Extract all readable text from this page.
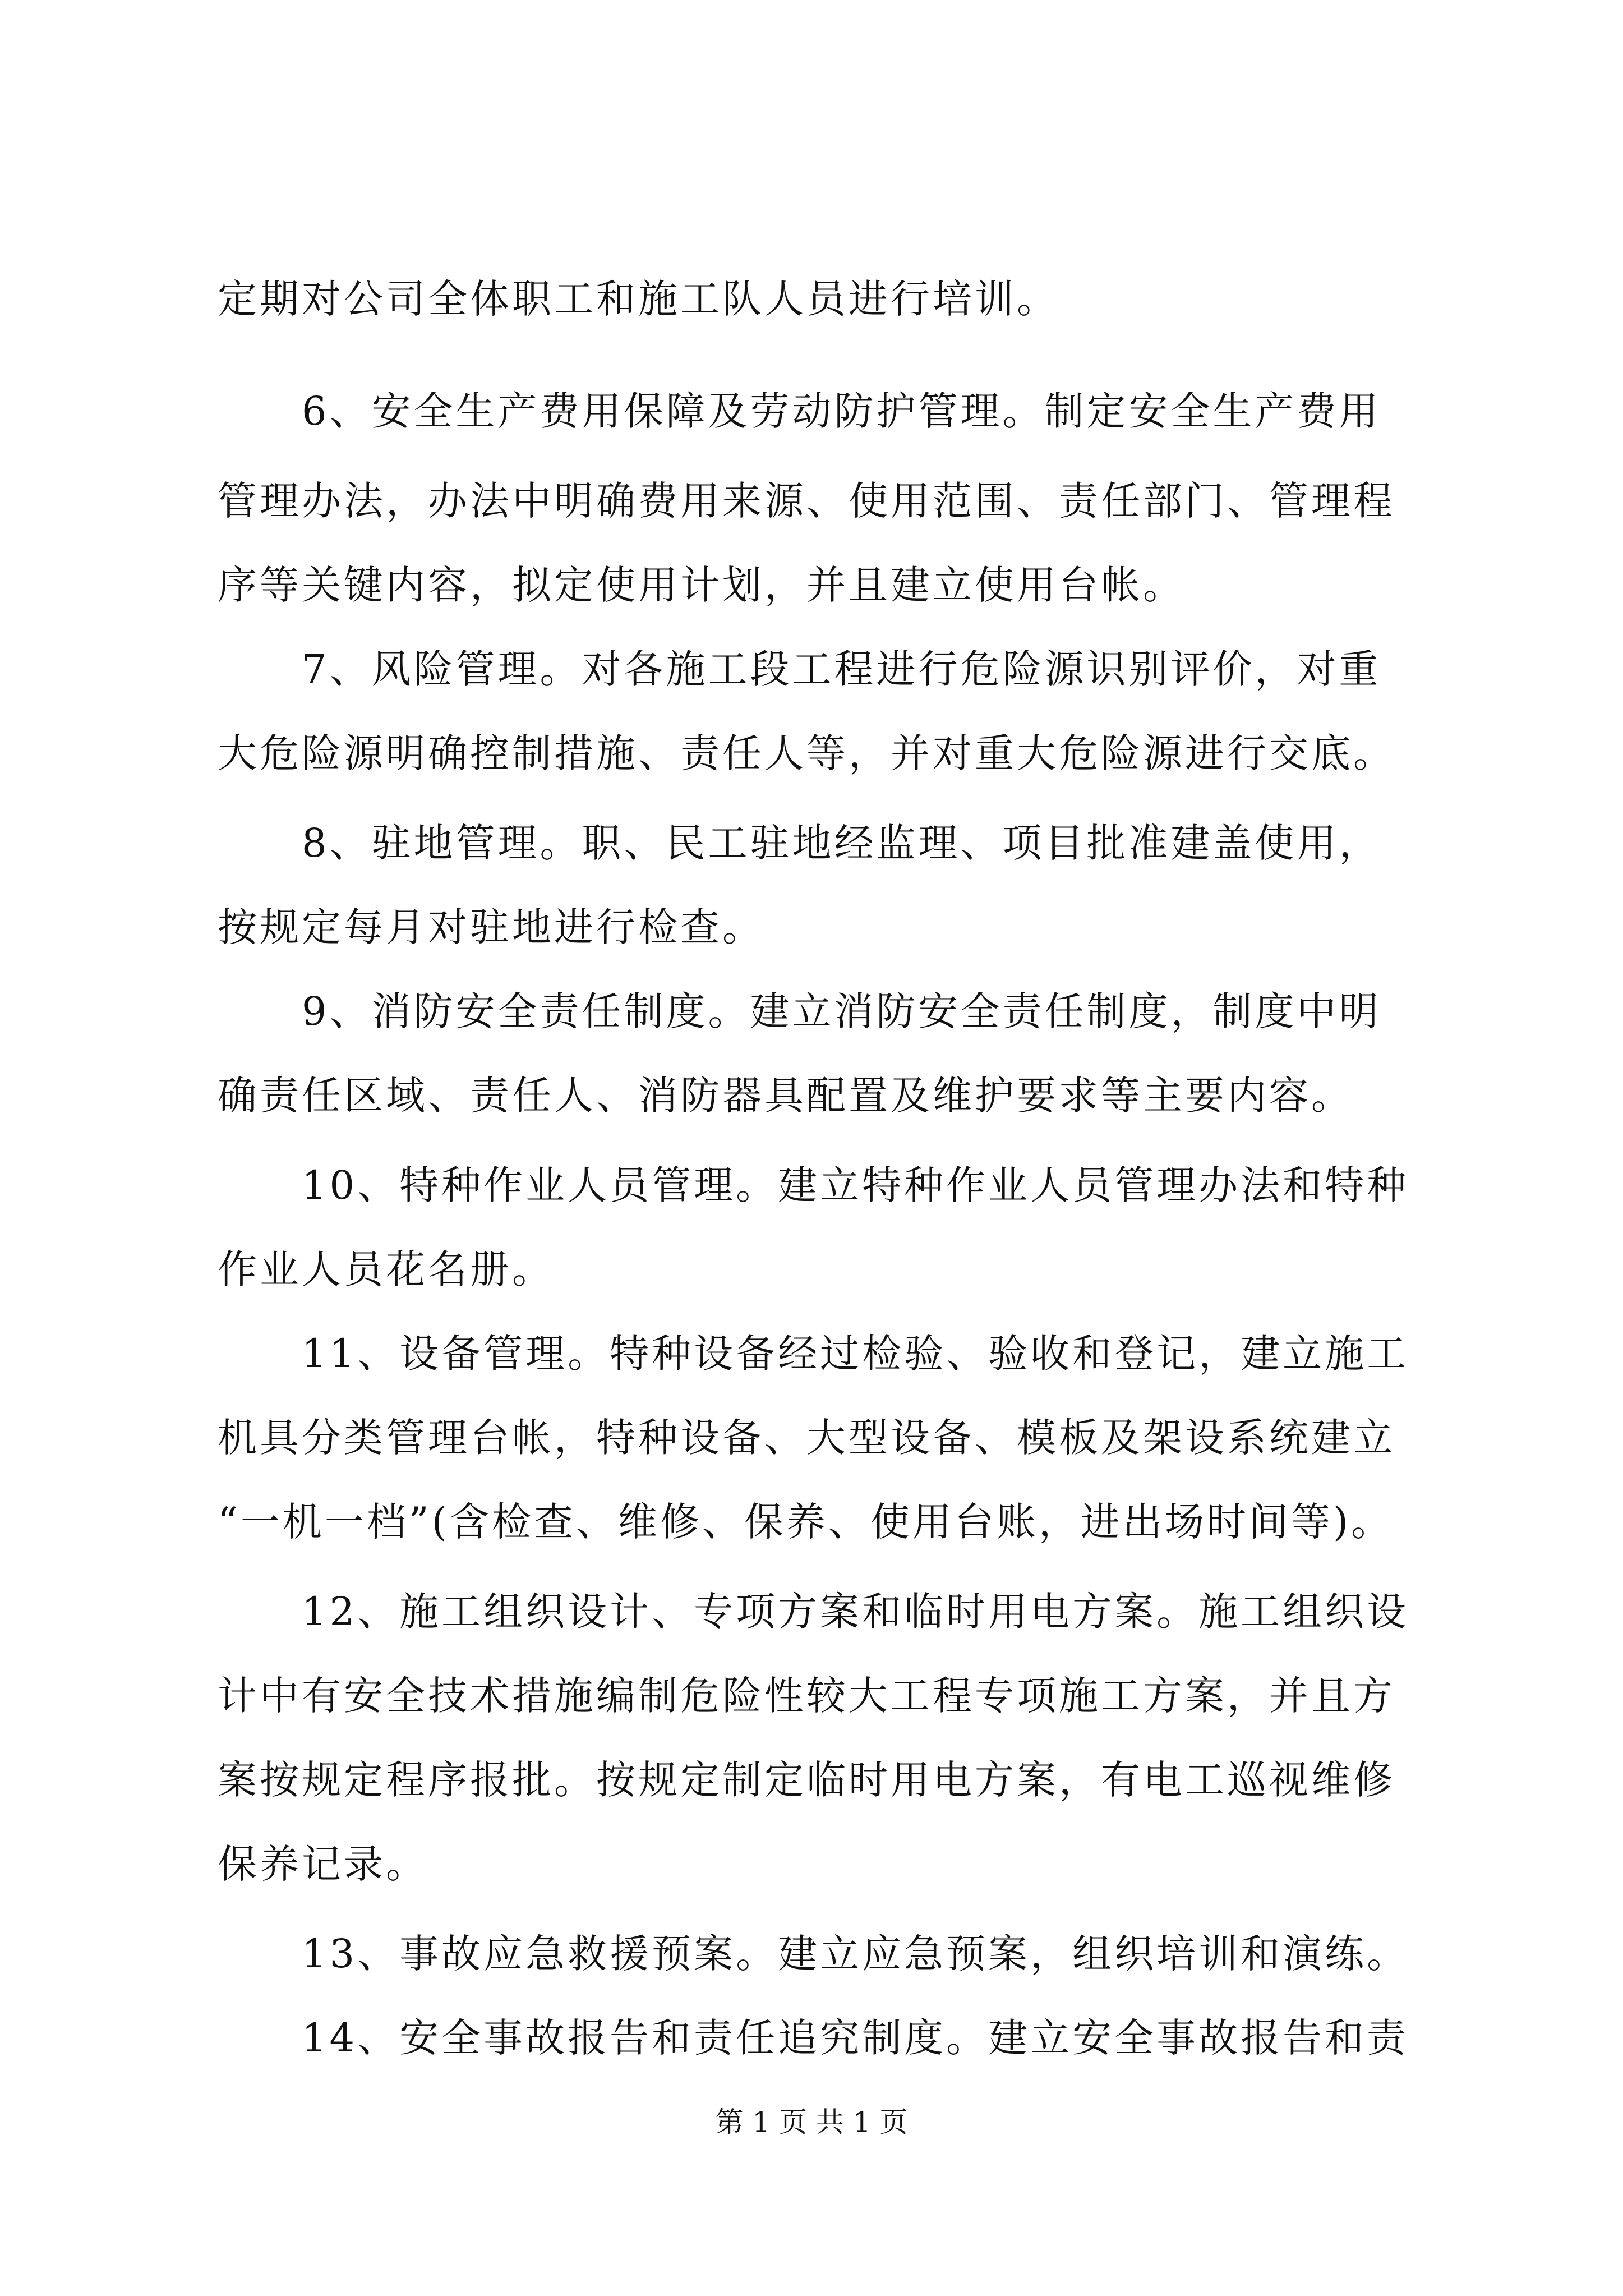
定期对公司全体职工和施工队人员进行培训。
6、安全生产费用保障及劳动防护管理。制定安全生产费用
管理办法，办法中明确费用来源、使用范围、责任部门、管理程
序等关键内容，拟定使用计划，并且建立使用台帐。
7、风险管理。对各施工段工程进行危险源识别评价，对重
大危险源明确控制措施、责任人等，并对重大危险源进行交底。
8、驻地管理。职、民工驻地经监理、项目批准建盖使用，
按规定每月对驻地进行检查。
9、消防安全责任制度。建立消防安全责任制度，制度中明
确责任区域、责任人、消防器具配置及维护要求等主要内容。
10、特种作业人员管理。建立特种作业人员管理办法和特种
作业人员花名册。
11、设备管理。特种设备经过检验、验收和登记，建立施工
机具分类管理台帐，特种设备、大型设备、模板及架设系统建立
“一机一档”(含检查、维修、保养、使用台账，进出场时间等)。
12、施工组织设计、专项方案和临时用电方案。施工组织设
计中有安全技术措施编制危险性较大工程专项施工方案，并且方
案按规定程序报批。按规定制定临时用电方案，有电工巡视维修
保养记录。
13、事故应急救援预案。建立应急预案，组织培训和演练。
14、安全事故报告和责任追究制度。建立安全事故报告和责
第 1 页 共 1 页
